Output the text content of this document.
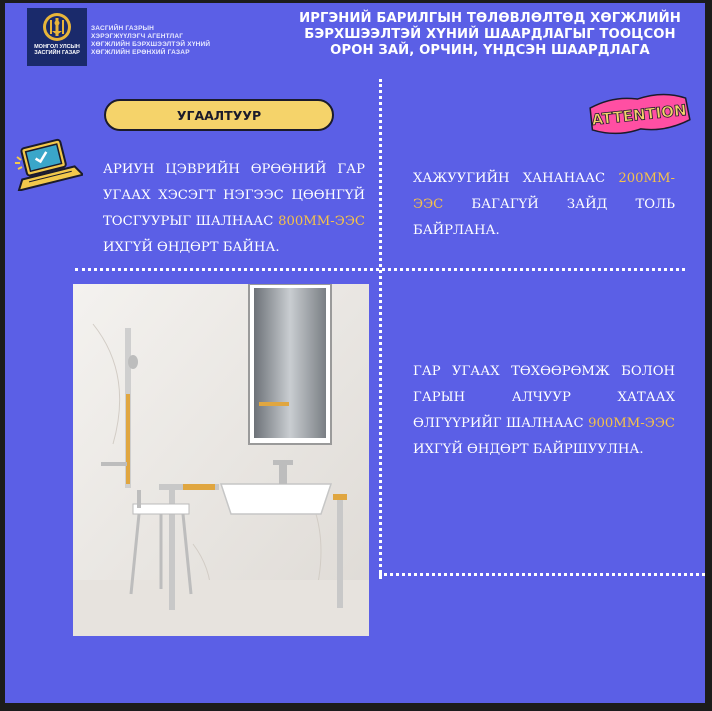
МОНГОЛ УЛСЫН
ЗАСГИЙН ГАЗАР
ЗАСГИЙН ГАЗРЫН
ХЭРЭГЖҮҮЛЭГЧ АГЕНТЛАГ
ХӨГЖЛИЙН БЭРХШЭЭЛТЭЙ ХҮНИЙ
ХӨГЖЛИЙН ЕРӨНХИЙ ГАЗАР
ИРГЭНИЙ БАРИЛГЫН ТӨЛӨВЛӨЛТӨД ХӨГЖЛИЙН
БЭРХШЭЭЛТЭЙ ХҮНИЙ ШААРДЛАГЫГ ТООЦСОН
ОРОН ЗАЙ, ОРЧИН, ҮНДСЭН ШААРДЛАГА
УГААЛТУУР
АРИУН ЦЭВРИЙН ӨРӨӨНИЙ ГАР УГААХ ХЭСЭГТ НЭГЭЭС ЦӨӨНГҮЙ ТОСГУУРЫГ ШАЛНААС 800ММ-ЭЭС ИХГҮЙ ӨНДӨРТ БАЙНА.
ATTENTION
ХАЖУУГИЙН ХАНАНААС 200ММ-ЭЭС БАГАГҮЙ ЗАЙД ТОЛЬ БАЙРЛАНА.
ГАР УГААХ ТӨХӨӨРӨМЖ БОЛОН ГАРЫН АЛЧУУР ХАТААХ ӨЛГҮҮРИЙГ ШАЛНААС 900ММ-ЭЭС ИХГҮЙ ӨНДӨРТ БАЙРШУУЛНА.
